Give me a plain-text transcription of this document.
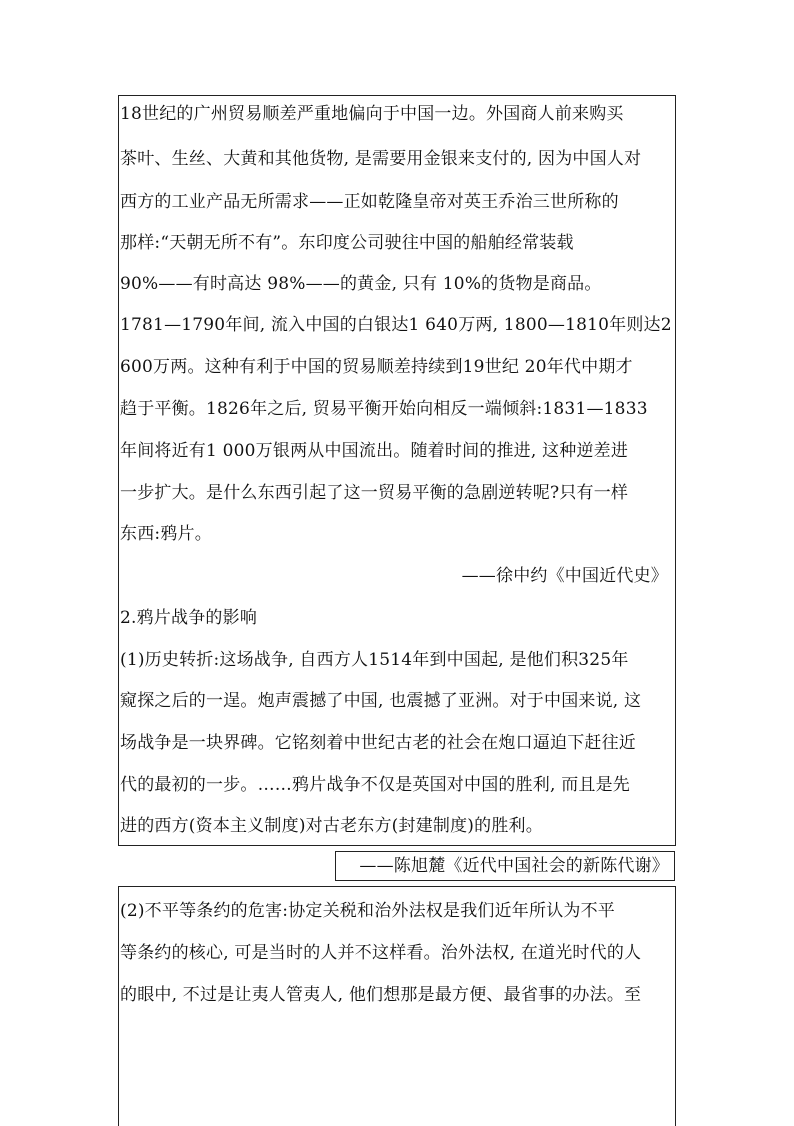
18世纪的广州贸易顺差严重地偏向于中国一边。外国商人前来购买
茶叶、生丝、大黄和其他货物, 是需要用金银来支付的, 因为中国人对
西方的工业产品无所需求——正如乾隆皇帝对英王乔治三世所称的
那样:“天朝无所不有”。东印度公司驶往中国的船舶经常装载
90%——有时高达 98%——的黄金, 只有 10%的货物是商品。
1781—1790年间, 流入中国的白银达1 640万两, 1800—1810年则达2
600万两。这种有利于中国的贸易顺差持续到19世纪 20年代中期才
趋于平衡。1826年之后, 贸易平衡开始向相反一端倾斜:1831—1833
年间将近有1 000万银两从中国流出。随着时间的推进, 这种逆差进
一步扩大。是什么东西引起了这一贸易平衡的急剧逆转呢?只有一样
东西:鸦片。
——徐中约《中国近代史》
2.鸦片战争的影响
(1)历史转折:这场战争, 自西方人1514年到中国起, 是他们积325年
窥探之后的一逞。炮声震撼了中国, 也震撼了亚洲。对于中国来说, 这
场战争是一块界碑。它铭刻着中世纪古老的社会在炮口逼迫下赶往近
代的最初的一步。……鸦片战争不仅是英国对中国的胜利, 而且是先
进的西方(资本主义制度)对古老东方(封建制度)的胜利。
——陈旭麓《近代中国社会的新陈代谢》
(2)不平等条约的危害:协定关税和治外法权是我们近年所认为不平
等条约的核心, 可是当时的人并不这样看。治外法权, 在道光时代的人
的眼中, 不过是让夷人管夷人, 他们想那是最方便、最省事的办法。至
